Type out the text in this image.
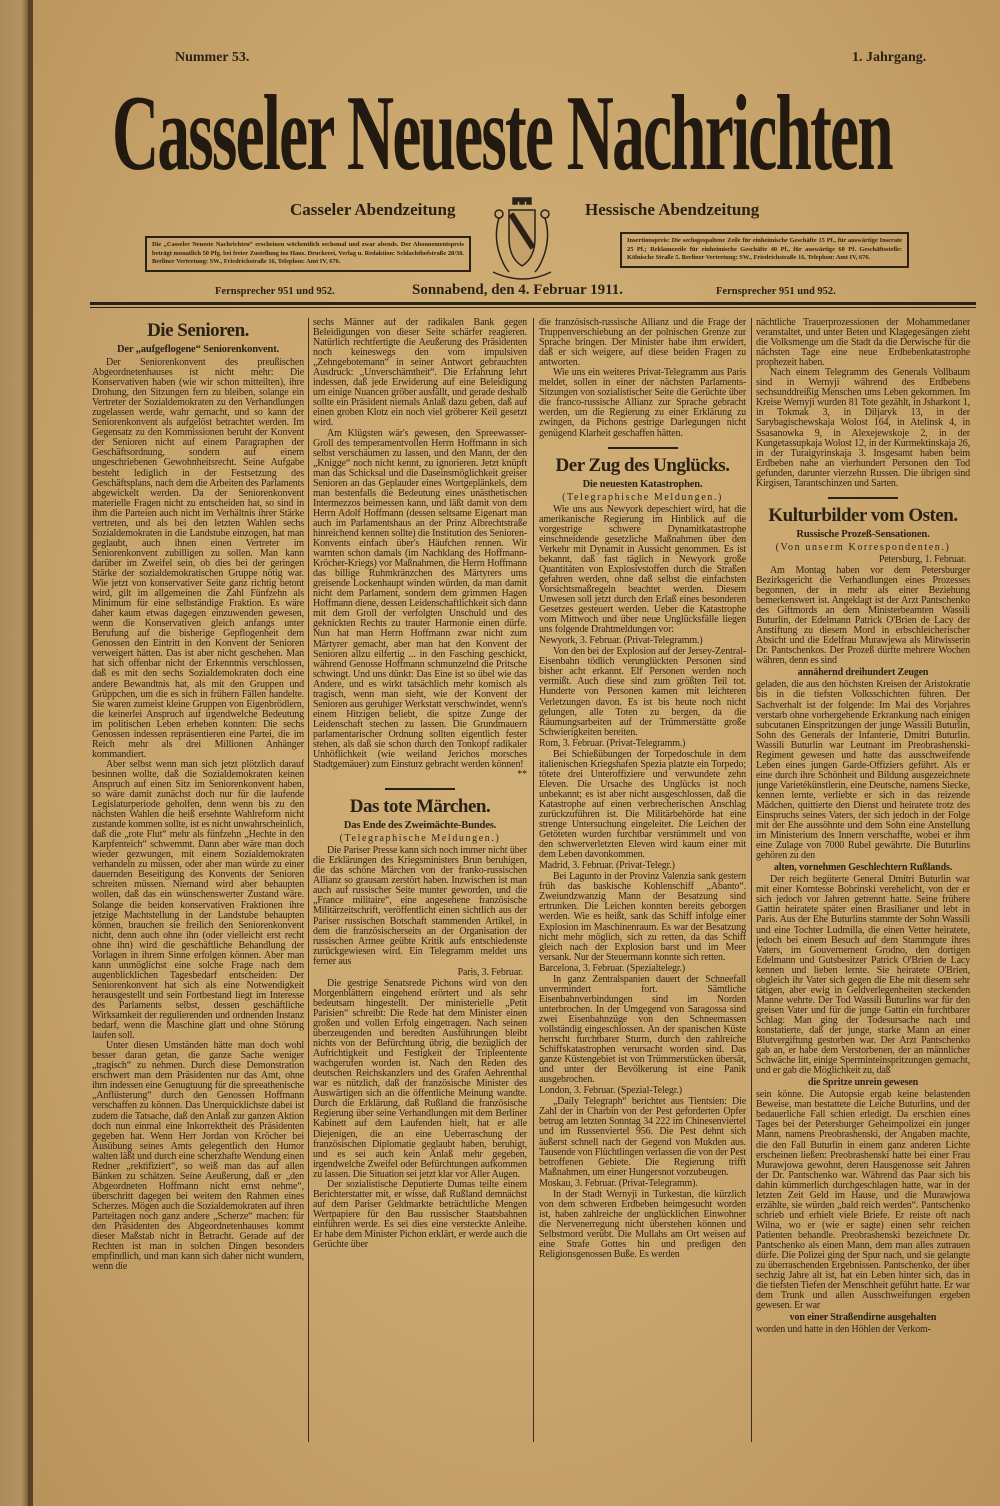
Nummer 53.	1. Jahrgang.
Casseler Neueste Nachrichten
Casseler Abendzeitung	Hessische Abendzeitung
Die „Casseler Neueste Nachrichten“ erscheinen wöchentlich sechsmal und zwar abends. Der Abonnementspreis beträgt monatlich 50 Pfg. bei freier Zustellung ins Haus. Druckerei, Verlag u. Redaktion: Schlachthofstraße 28/30. Berliner Vertretung: SW., Friedrichstraße 16, Telephon: Amt IV, 676.
Insertionspreis: Die sechsgespaltene Zeile für einheimische Geschäfte 15 Pf., für auswärtige Inserate 25 Pf.; Reklamezeile für einheimische Geschäfte 40 Pf., für auswärtige 60 Pf. Geschäftsstelle: Kölnische Straße 5. Berliner Vertretung: SW., Friedrichstraße 16, Telephon: Amt IV, 676.
Fernsprecher 951 und 952.	Sonnabend, den 4. Februar 1911.	Fernsprecher 951 und 952.
Die Senioren.
Der „aufgeflogene“ Seniorenkonvent.

Der Seniorenkonvent des preußischen Abgeordnetenhauses ist nicht mehr: Die Konservativen haben (wie wir schon mitteilten), ihre Drohung, den Sitzungen fern zu bleiben, solange ein Vertreter der Sozialdemokraten zu den Verhandlungen zugelassen werde, wahr gemacht, und so kann der Seniorenkonvent als aufgelöst betrachtet werden. Im Gegensatz zu den Kommissionen beruht der Konvent der Senioren nicht auf einem Paragraphen der Geschäftsordnung, sondern auf einem ungeschriebenen Gewohnheitsrecht. Seine Aufgabe besteht lediglich in der Festsetzung des Geschäftsplans, nach dem die Arbeiten des Parlaments abgewickelt werden. Da der Seniorenkonvent materielle Fragen nicht zu entscheiden hat, so sind in ihm die Parteien auch nicht im Verhältnis ihrer Stärke vertreten, und als bei den letzten Wahlen sechs Sozialdemokraten in die Landstube einzogen, hat man geglaubt, auch ihnen einen Vertreter im Seniorenkonvent zubilligen zu sollen. Man kann darüber im Zweifel sein, ob dies bei der geringen Stärke der sozialdemokratischen Gruppe nötig war. Wie jetzt von konservativer Seite ganz richtig betont wird, gilt im allgemeinen die Zahl Fünfzehn als Minimum für eine selbständige Fraktion. Es wäre daher kaum etwas dagegen einzuwenden gewesen, wenn die Konservativen gleich anfangs unter Berufung auf die bisherige Gepflogenheit dem Genossen den Eintritt in den Konvent der Senioren verweigert hätten. Das ist aber nicht geschehen. Man hat sich offenbar nicht der Erkenntnis verschlossen, daß es mit den sechs Sozialdemokraten doch eine andere Bewandtnis hat, als mit den Gruppen und Grüppchen, um die es sich in frühern Fällen handelte. Sie waren zumeist kleine Gruppen von Eigenbrödlern, die keinerlei Anspruch auf irgendwelche Bedeutung im politischen Leben erheben konnten: Die sechs Genossen indessen repräsentieren eine Partei, die im Reich mehr als drei Millionen Anhänger kommandiert.

Aber selbst wenn man sich jetzt plötzlich darauf besinnen wollte, daß die Sozialdemokraten keinen Anspruch auf einen Sitz im Seniorenkonvent haben, so wäre damit zunächst doch nur für die laufende Legislaturperiode geholfen, denn wenn bis zu den nächsten Wahlen die heiß ersehnte Wahlreform nicht zustande kommen sollte, ist es nicht unwahrscheinlich, daß die „rote Flut“ mehr als fünfzehn „Hechte in den Karpfenteich“ schwemmt. Dann aber wäre man doch wieder gezwungen, mit einem Sozialdemokraten verhandeln zu müssen, oder aber man würde zu einer dauernden Beseitigung des Konvents der Senioren schreiten müssen. Niemand wird aber behaupten wollen, daß das ein wünschenswerter Zustand wäre. Solange die beiden konservativen Fraktionen ihre jetzige Machtstellung in der Landstube behaupten können, brauchen sie freilich den Seniorenkonvent nicht, denn auch ohne ihn (oder vielleicht erst recht ohne ihn) wird die geschäftliche Behandlung der Vorlagen in ihrem Sinne erfolgen können. Aber man kann unmöglichst eine solche Frage nach dem augenblicklichen Tagesbedarf entscheiden: Der Seniorenkonvent hat sich als eine Notwendigkeit herausgestellt und sein Fortbestand liegt im Interesse des Parlaments selbst, dessen geschäftliche Wirksamkeit der regulierenden und ordnenden Instanz bedarf, wenn die Maschine glatt und ohne Störung laufen soll.

Unter diesen Umständen hätte man doch wohl besser daran getan, die ganze Sache weniger „tragisch“ zu nehmen. Durch diese Demonstration erschwert man dem Präsidenten nur das Amt, ohne ihm indessen eine Genugtuung für die spreeathenische „Anflüsterung“ durch den Genossen Hoffmann verschaffen zu können. Das Unerquicklichste dabei ist zudem die Tatsache, daß den Anlaß zur ganzen Aktion doch nun einmal eine Inkorrektheit des Präsidenten gegeben hat. Wenn Herr Jordan von Kröcher bei Ausübung seines Amts gelegentlich den Humor walten läßt und durch eine scherzhafte Wendung einen Redner „rektifiziert“, so weiß man das auf allen Bänken zu schätzen. Seine Aeußerung, daß er „den Abgeordneten Hoffmann nicht ernst nehme“, überschritt dagegen bei weitem den Rahmen eines Scherzes. Mögen auch die Sozialdemokraten auf ihren Parteitagen noch ganz andere „Scherze“ machen: für den Präsidenten des Abgeordnetenhauses kommt dieser Maßstab nicht in Betracht. Gerade auf der Rechten ist man in solchen Dingen besonders empfindlich, und man kann sich daher nicht wundern, wenn die

sechs Männer auf der radikalen Bank gegen Beleidigungen von dieser Seite schärfer reagieren. Natürlich rechtfertigte die Aeußerung des Präsidenten noch keineswegs den vom impulsiven „Zehngebotemann“ in seiner Antwort gebrauchten Ausdruck: „Unverschämtheit“. Die Erfahrung lehrt indessen, daß jede Erwiderung auf eine Beleidigung um einige Nuancen gröber ausfällt, und gerade deshalb sollte ein Präsident niemals Anlaß dazu geben, daß auf einen groben Klotz ein noch viel gröberer Keil gesetzt wird.

Am Klügsten wär's gewesen, den Spreewasser-Groll des temperamentvollen Herrn Hoffmann in sich selbst verschäumen zu lassen, und den Mann, der den „Knigge“ noch nicht kennt, zu ignorieren. Jetzt knüpft man das Schicksal und die Daseinsmöglichkeit greiser Senioren an das Geplauder eines Wortgeplänkels, dem man bestenfalls die Bedeutung eines unästhetischen Intermezzos beimessen kann, und läßt damit von dem Herrn Adolf Hoffmann (dessen seltsame Eigenart man auch im Parlamentshaus an der Prinz Albrechtstraße hinreichend kennen sollte) die Institution des Senioren-Konvents einfach über's Häufchen rennen. Wir warnten schon damals (im Nachklang des Hoffmann-Kröcher-Kriegs) vor Maßnahmen, die Herrn Hoffmann das billige Ruhmkränzchen des Märtyrers ums greisende Lockenhaupt winden würden, da man damit nicht dem Parlament, sondern dem grimmen Hagen Hoffmann diene, dessen Leidenschaftlichkeit sich dann mit dem Groll der verfolgten Unschuld und des geknickten Rechts zu trauter Harmonie einen dürfe. Nun hat man Herrn Hoffmann zwar nicht zum Märtyrer gemacht, aber man hat den Konvent der Senioren allzu eilfertig ... in den Fasching geschickt, während Genosse Hoffmann schmunzelnd die Pritsche schwingt. Und uns dünkt: Das Eine ist so übel wie das Andere, und es wirkt tatsächlich mehr komisch als tragisch, wenn man sieht, wie der Konvent der Senioren aus geruhiger Werkstatt verschwindet, wenn's einem Hitzigen beliebt, die spitze Zunge der Leidenschaft stechen zu lassen. Die Grundmauern parlamentarischer Ordnung sollten eigentlich fester stehen, als daß sie schon durch den Tonkopf radikaler Unhöflichkeit (wie weiland Jerichos morsches Stadtgemäuer) zum Einsturz gebracht werden können!

**
Das tote Märchen.
Das Ende des Zweimächte-Bundes.
(Telegraphische Meldungen.)

Die Pariser Presse kann sich noch immer nicht über die Erklärungen des Kriegsministers Brun beruhigen, die das schöne Märchen von der franko-russischen Allianz so grausam zerstört haben. Inzwischen ist man auch auf russischer Seite munter geworden, und die „France militaire“, eine angesehene französische Militärzeitschrift, veröffentlicht einen sichtlich aus der Pariser russischen Botschaft stammenden Artikel, in dem die französischerseits an der Organisation der russischen Armee geübte Kritik aufs entschiedenste zurückgewiesen wird. Ein Telegramm meldet uns ferner aus

Paris, 3. Februar.

Die gestrige Senatsrede Pichons wird von den Morgenblättern eingehend erörtert und als sehr bedeutsam hingestellt. Der ministerielle „Petit Parisien“ schreibt: Die Rede hat dem Minister einen großen und vollen Erfolg eingetragen. Nach seinen überzeugenden und beredten Ausführungen bleibt nichts von der Befürchtung übrig, die bezüglich der Aufrichtigkeit und Festigkeit der Tripleentente wachgerufen worden ist. Nach den Reden des deutschen Reichskanzlers und des Grafen Aehrenthal war es nützlich, daß der französische Minister des Auswärtigen sich an die öffentliche Meinung wandte. Durch die Erklärung, daß Rußland die französische Regierung über seine Verhandlungen mit dem Berliner Kabinett auf dem Laufenden hielt, hat er alle Diejenigen, die an eine Ueberraschung der französischen Diplomatie geglaubt haben, beruhigt, und es sei auch kein Anlaß mehr gegeben, irgendwelche Zweifel oder Befürchtungen aufkommen zu lassen. Die Situation sei jetzt klar vor Aller Augen.

Der sozialistische Deputierte Dumas teilte einem Berichterstatter mit, er wisse, daß Rußland demnächst auf dem Pariser Geldmarkte beträchtliche Mengen Wertpapiere für den Bau russischer Staatsbahnen einführen werde. Es sei dies eine versteckte Anleihe. Er habe dem Minister Pichon erklärt, er werde auch die Gerüchte über

die französisch-russische Allianz und die Frage der Truppenverschiebung an der polnischen Grenze zur Sprache bringen. Der Minister habe ihm erwidert, daß er sich weigere, auf diese beiden Fragen zu antworten.

Wie uns ein weiteres Privat-Telegramm aus Paris meldet, sollen in einer der nächsten Parlaments-Sitzungen von sozialistischer Seite die Gerüchte über die franco-russische Allianz zur Sprache gebracht werden, um die Regierung zu einer Erklärung zu zwingen, da Pichons gestrige Darlegungen nicht genügend Klarheit geschaffen hätten.

Der Zug des Unglücks.
Die neuesten Katastrophen.
(Telegraphische Meldungen.)

Wie uns aus Newyork depeschiert wird, hat die amerikanische Regierung im Hinblick auf die vorgestrige schwere Dynamitkatastrophe einschneidende gesetzliche Maßnahmen über den Verkehr mit Dynamit in Aussicht genommen. Es ist bekannt, daß fast täglich in Newyork große Quantitäten von Explosivstoffen durch die Straßen gefahren werden, ohne daß selbst die einfachsten Vorsichtsmaßregeln beachtet werden. Diesem Unwesen soll jetzt durch den Erlaß eines besonderen Gesetzes gesteuert werden. Ueber die Katastrophe vom Mittwoch und über neue Unglücksfälle liegen uns folgende Drahtmeldungen vor:

Newyork, 3. Februar. (Privat-Telegramm.)

Von den bei der Explosion auf der Jersey-Zentral-Eisenbahn tödlich verunglückten Personen sind bisher acht erkannt. Elf Personen werden noch vermißt. Auch diese sind zum größten Teil tot. Hunderte von Personen kamen mit leichteren Verletzungen davon. Es ist bis heute noch nicht gelungen, alle Toten zu bergen, da die Räumungsarbeiten auf der Trümmerstätte große Schwierigkeiten bereiten.

Rom, 3. Februar. (Privat-Telegramm.)

Bei Schießübungen der Torpedoschule in dem italienischen Kriegshafen Spezia platzte ein Torpedo; tötete drei Unteroffiziere und verwundete zehn Eleven. Die Ursache des Unglücks ist noch unbekannt; es ist aber nicht ausgeschlossen, daß die Katastrophe auf einen verbrecherischen Anschlag zurückzuführen ist. Die Militärbehörde hat eine strenge Untersuchung eingeleitet. Die Leichen der Getöteten wurden furchtbar verstümmelt und von den schwerverletzten Eleven wird kaum einer mit dem Leben davonkommen.

Madrid, 3. Februar. (Privat-Telegr.)

Bei Lagunto in der Provinz Valenzia sank gestern früh das baskische Kohlenschiff „Abanto“. Zweiundzwanzig Mann der Besatzung sind ertrunken. Die Leichen konnten bereits geborgen werden. Wie es heißt, sank das Schiff infolge einer Explosion im Maschinenraum. Es war der Besatzung nicht mehr möglich, sich zu retten, da das Schiff gleich nach der Explosion barst und im Meer versank. Nur der Steuermann konnte sich retten.

Barcelona, 3. Februar. (Spezialtelegr.)

In ganz Zentralspanien dauert der Schneefall unvermindert fort. Sämtliche Eisenbahnverbindungen sind im Norden unterbrochen. In der Umgegend von Saragossa sind zwei Eisenbahnzüge von den Schneemassen vollständig eingeschlossen. An der spanischen Küste herrscht furchtbarer Sturm, durch den zahlreiche Schiffskatastrophen verursacht worden sind. Das ganze Küstengebiet ist von Trümmerstücken übersät, und unter der Bevölkerung ist eine Panik ausgebrochen.

London, 3. Februar. (Spezial-Telegr.)

„Daily Telegraph“ berichtet aus Tientsien: Die Zahl der in Charbin von der Pest geforderten Opfer betrug am letzten Sonntag 34 222 im Chinesenviertel und im Russenviertel 956. Die Pest dehnt sich äußerst schnell nach der Gegend von Mukden aus. Tausende von Flüchtlingen verlassen die von der Pest betroffenen Gebiete. Die Regierung trifft Maßnahmen, um einer Hungersnot vorzubeugen.

Moskau, 3. Februar. (Privat-Telegramm).

In der Stadt Wernyji in Turkestan, die kürzlich von dem schweren Erdbeben heimgesucht worden ist, haben zahlreiche der unglücklichen Einwohner die Nervenerregung nicht überstehen können und Selbstmord verübt. Die Mullahs am Ort weisen auf eine Strafe Gottes hin und predigen den Religionsgenossen Buße. Es werden

nächtliche Trauerprozessionen der Mohammedaner veranstaltet, und unter Beten und Klagegesängen zieht die Volksmenge um die Stadt da die Derwische für die nächsten Tage eine neue Erdbebenkatastrophe prophezeit haben.

Nach einem Telegramm des Generals Vollbaum sind in Wernyji während des Erdbebens sechsunddreißig Menschen ums Leben gekommen. Im Kreise Wernyji wurden 81 Tote gezählt, in Jsharkont 1, in Tokmak 3, in Diljaryk 13, in der Sarybagischewskaja Wolost 164, in Atelinsk 4, in Ssasanowka 9, in Alexejewskoje 2, in der Kungetassupkaja Wolost 12, in der Kurmektinskaja 26, in der Turaigyrinskaja 3. Insgesamt haben beim Erdbeben nahe an vierhundert Personen den Tod gefunden, darunter vierzehn Russen. Die übrigen sind Kirgisen, Tarantschinzen und Sarten.

Kulturbilder vom Osten.
Russische Prozeß-Sensationen.
(Von unserm Korrespondenten.)
Petersburg, 1. Februar.

Am Montag haben vor dem Petersburger Bezirksgericht die Verhandlungen eines Prozesses begonnen, der in mehr als einer Beziehung bemerkenswert ist. Angeklagt ist der Arzt Pantschenko des Giftmords an dem Ministerbeamten Wassili Buturlin, der Edelmann Patrick O'Brien de Lacy der Anstiftung zu diesem Mord in erbschleicherischer Absicht und die Edelfrau Murawjewa als Mitwisserin Dr. Pantschenkos. Der Prozeß dürfte mehrere Wochen währen, denn es sind

annähernd dreihundert Zeugen

geladen, die aus den höchsten Kreisen der Aristokratie bis in die tiefsten Volksschichten führen. Der Sachverhalt ist der folgende: Im Mai des Vorjahres verstarb ohne vorhergehende Erkrankung nach einigen subcutanen Einspritzungen der junge Wassili Buturlin, Sohn des Generals der Infanterie, Dmitri Buturlin. Wassili Buturlin war Leutnant im Preobrashenski-Regiment gewesen und hatte das ausschweifende Leben eines jungen Garde-Offiziers geführt. Als er eine durch ihre Schönheit und Bildung ausgezeichnete junge Varietékünstlerin, eine Deutsche, namens Siecke, kennen lernte, verliebte er sich in das reizende Mädchen, quittierte den Dienst und heiratete trotz des Einspruchs seines Vaters, der sich jedoch in der Folge mit der Ehe aussöhnte und dem Sohn eine Anstellung im Ministerium des Innern verschaffte, wobei er ihm eine Zulage von 7000 Rubel gewährte. Die Buturlins gehören zu den

alten, vornehmen Geschlechtern Rußlands.

Der reich begüterte General Dmitri Buturlin war mit einer Komtesse Bobrinski verehelicht, von der er sich jedoch vor Jahren getrennt hatte. Seine frühere Gattin heiratete später einen Brasilianer und lebt in Paris. Aus der Ehe Buturlins stammte der Sohn Wassili und eine Tochter Ludmilla, die einen Vetter heiratete, jedoch bei einem Besuch auf dem Stammgute ihres Vaters, im Gouvernement Grodno, den dortigen Edelmann und Gutsbesitzer Patrick O'Brien de Lacy kennen und lieben lernte. Sie heiratete O'Brien, obgleich ihr Vater sich gegen die Ehe mit diesem sehr tätigen, aber ewig in Geldverlegenheiten steckenden Manne wehrte. Der Tod Wassili Buturlins war für den greisen Vater und für die junge Gattin ein furchtbarer Schlag: Man ging der Todesursache nach und konstatierte, daß der junge, starke Mann an einer Blutvergiftung gestorben war. Der Arzt Pantschenko gab an, er habe dem Verstorbenen, der an männlicher Schwäche litt, einige Sperminteinspritzungen gemacht, und er gab die Möglichkeit zu, daß

die Spritze unrein gewesen

sein könne. Die Autopsie ergab keine belastenden Beweise, man bestattete die Leiche Buturlins, und der bedauerliche Fall schien erledigt. Da erschien eines Tages bei der Petersburger Geheimpolizei ein junger Mann, namens Preobrashenski, der Angaben machte, die den Fall Buturlin in einem ganz anderen Lichte erscheinen ließen: Preobrashenski hatte bei einer Frau Murawjowa gewohnt, deren Hausgenosse seit Jahren der Dr. Pantschenko war. Während das Paar sich bis dahin kümmerlich durchgeschlagen hatte, war in der letzten Zeit Geld im Hause, und die Murawjowa erzählte, sie würden „bald reich werden“. Pantschenko schrieb und erhielt viele Briefe. Er reiste oft nach Wilna, wo er (wie er sagte) einen sehr reichen Patienten behandle. Preobrashenski bezeichnete Dr. Pantschenko als einen Mann, dem man alles zutrauen dürfe. Die Polizei ging der Spur nach, und sie gelangte zu überraschenden Ergebnissen. Pantschenko, der über sechzig Jahre alt ist, hat ein Leben hinter sich, das in die tiefsten Tiefen der Menschheit geführt hatte. Er war dem Trunk und allen Ausschweifungen ergeben gewesen. Er war

von einer Straßendirne ausgehalten

worden und hatte in den Höhlen der Verkom-
